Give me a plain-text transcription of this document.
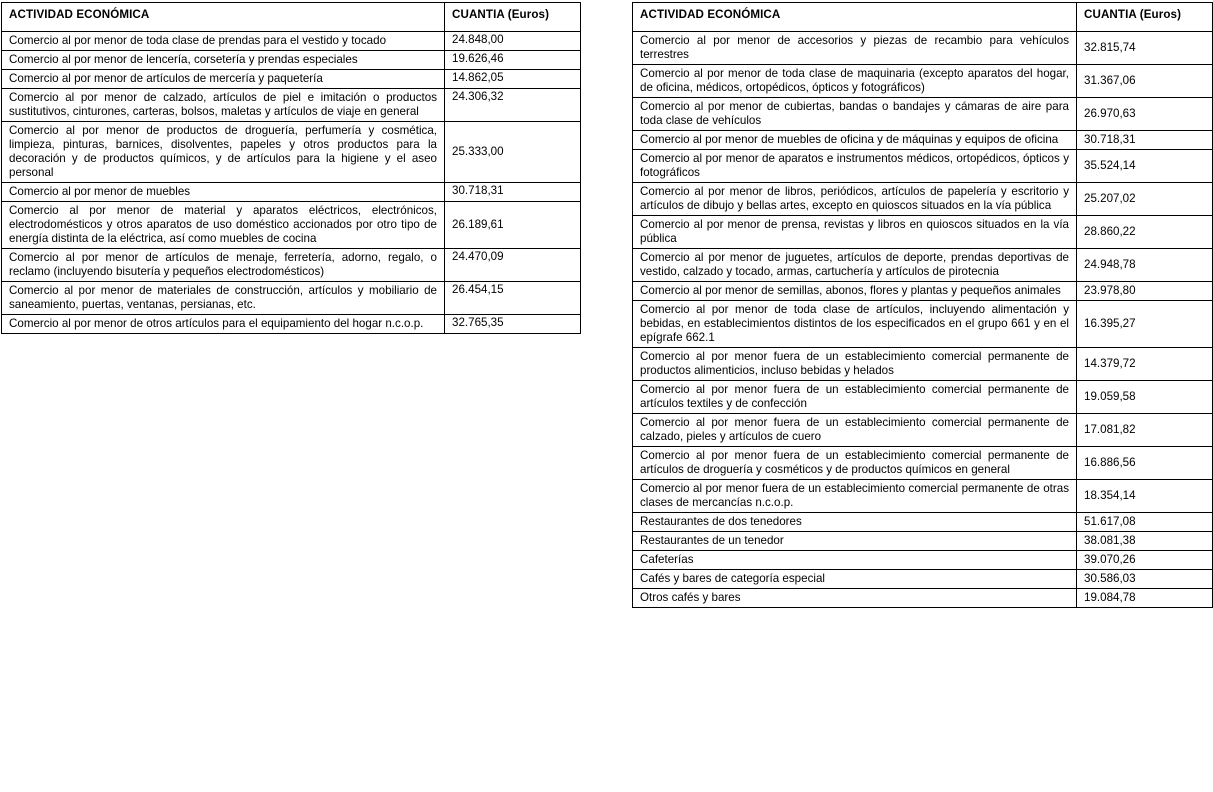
ACTIVIDAD ECONÓMICA	CUANTIA (Euros)
Comercio al por menor de toda clase de prendas para el vestido y tocado	24.848,00
Comercio al por menor de lencería, corsetería y prendas especiales	19.626,46
Comercio al por menor de artículos de mercería y paquetería	14.862,05
Comercio al por menor de calzado, artículos de piel e imitación o productos sustitutivos, cinturones, carteras, bolsos, maletas y artículos de viaje en general	24.306,32
Comercio al por menor de productos de droguería, perfumería y cosmética, limpieza, pinturas, barnices, disolventes, papeles y otros productos para la decoración y de productos químicos, y de artículos para la higiene y el aseo personal	25.333,00
Comercio al por menor de muebles	30.718,31
Comercio al por menor de material y aparatos eléctricos, electrónicos, electrodomésticos y otros aparatos de uso doméstico accionados por otro tipo de energía distinta de la eléctrica, así como muebles de cocina	26.189,61
Comercio al por menor de artículos de menaje, ferretería, adorno, regalo, o reclamo (incluyendo bisutería y pequeños electrodomésticos)	24.470,09
Comercio al por menor de materiales de construcción, artículos y mobiliario de saneamiento, puertas, ventanas, persianas, etc.	26.454,15
Comercio al por menor de otros artículos para el equipamiento del hogar n.c.o.p.	32.765,35
ACTIVIDAD ECONÓMICA	CUANTIA (Euros)
Comercio al por menor de accesorios y piezas de recambio para vehículos terrestres	32.815,74
Comercio al por menor de toda clase de maquinaria (excepto aparatos del hogar, de oficina, médicos, ortopédicos, ópticos y fotográficos)	31.367,06
Comercio al por menor de cubiertas, bandas o bandajes y cámaras de aire para toda clase de vehículos	26.970,63
Comercio al por menor de muebles de oficina y de máquinas y equipos de oficina	30.718,31
Comercio al por menor de aparatos e instrumentos médicos, ortopédicos, ópticos y fotográficos	35.524,14
Comercio al por menor de libros, periódicos, artículos de papelería y escritorio y artículos de dibujo y bellas artes, excepto en quioscos situados en la vía pública	25.207,02
Comercio al por menor de prensa, revistas y libros en quioscos situados en la vía pública	28.860,22
Comercio al por menor de juguetes, artículos de deporte, prendas deportivas de vestido, calzado y tocado, armas, cartuchería y artículos de pirotecnia	24.948,78
Comercio al por menor de semillas, abonos, flores y plantas y pequeños animales	23.978,80
Comercio al por menor de toda clase de artículos, incluyendo alimentación y bebidas, en establecimientos distintos de los especificados en el grupo 661 y en el epígrafe 662.1	16.395,27
Comercio al por menor fuera de un establecimiento comercial permanente de productos alimenticios, incluso bebidas y helados	14.379,72
Comercio al por menor fuera de un establecimiento comercial permanente de artículos textiles y de confección	19.059,58
Comercio al por menor fuera de un establecimiento comercial permanente de calzado, pieles y artículos de cuero	17.081,82
Comercio al por menor fuera de un establecimiento comercial permanente de artículos de droguería y cosméticos y de productos químicos en general	16.886,56
Comercio al por menor fuera de un establecimiento comercial permanente de otras clases de mercancías n.c.o.p.	18.354,14
Restaurantes de dos tenedores	51.617,08
Restaurantes de un tenedor	38.081,38
Cafeterías	39.070,26
Cafés y bares de categoría especial	30.586,03
Otros cafés y bares	19.084,78
